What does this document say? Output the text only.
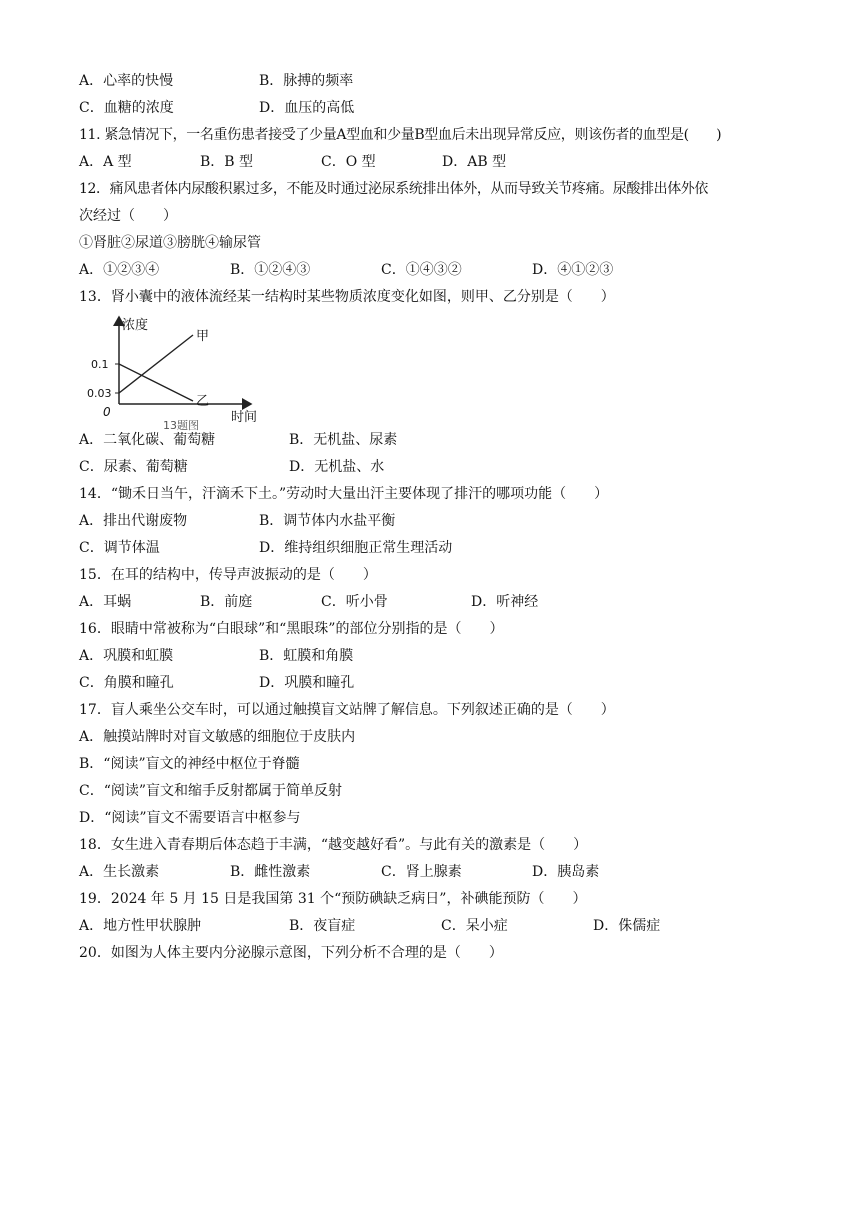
A．心率的快慢	B．脉搏的频率
C．血糖的浓度	D．血压的高低
11. 紧急情况下，一名重伤患者接受了少量A型血和少量B型血后未出现异常反应，则该伤者的血型是(　　)
A．A 型	B．B 型	C．O 型	D．AB 型
12．痛风患者体内尿酸积累过多，不能及时通过泌尿系统排出体外，从而导致关节疼痛。尿酸排出体外依
次经过（　　）
①肾脏②尿道③膀胱④输尿管
A．①②③④	B．①②④③	C．①④③②	D．④①②③
13．肾小囊中的液体流经某一结构时某些物质浓度变化如图，则甲、乙分别是（　　）
浓度
时间
0
0.1
0.03
甲
乙
13题图
A．二氧化碳、葡萄糖	B．无机盐、尿素
C．尿素、葡萄糖	D．无机盐、水
14．“锄禾日当午，汗滴禾下土。”劳动时大量出汗主要体现了排汗的哪项功能（　　）
A．排出代谢废物	B．调节体内水盐平衡
C．调节体温	D．维持组织细胞正常生理活动
15．在耳的结构中，传导声波振动的是（　　）
A．耳蜗	B．前庭	C．听小骨	D．听神经
16．眼睛中常被称为“白眼球”和“黑眼珠”的部位分别指的是（　　）
A．巩膜和虹膜	B．虹膜和角膜
C．角膜和瞳孔	D．巩膜和瞳孔
17．盲人乘坐公交车时，可以通过触摸盲文站牌了解信息。下列叙述正确的是（　　）
A．触摸站牌时对盲文敏感的细胞位于皮肤内
B．“阅读”盲文的神经中枢位于脊髓
C．“阅读”盲文和缩手反射都属于简单反射
D．“阅读”盲文不需要语言中枢参与
18．女生进入青春期后体态趋于丰满，“越变越好看”。与此有关的激素是（　　）
A．生长激素	B．雌性激素	C．肾上腺素	D．胰岛素
19．2024 年 5 月 15 日是我国第 31 个“预防碘缺乏病日”，补碘能预防（　　）
A．地方性甲状腺肿	B．夜盲症	C．呆小症	D．侏儒症
20．如图为人体主要内分泌腺示意图，下列分析不合理的是（　　）
